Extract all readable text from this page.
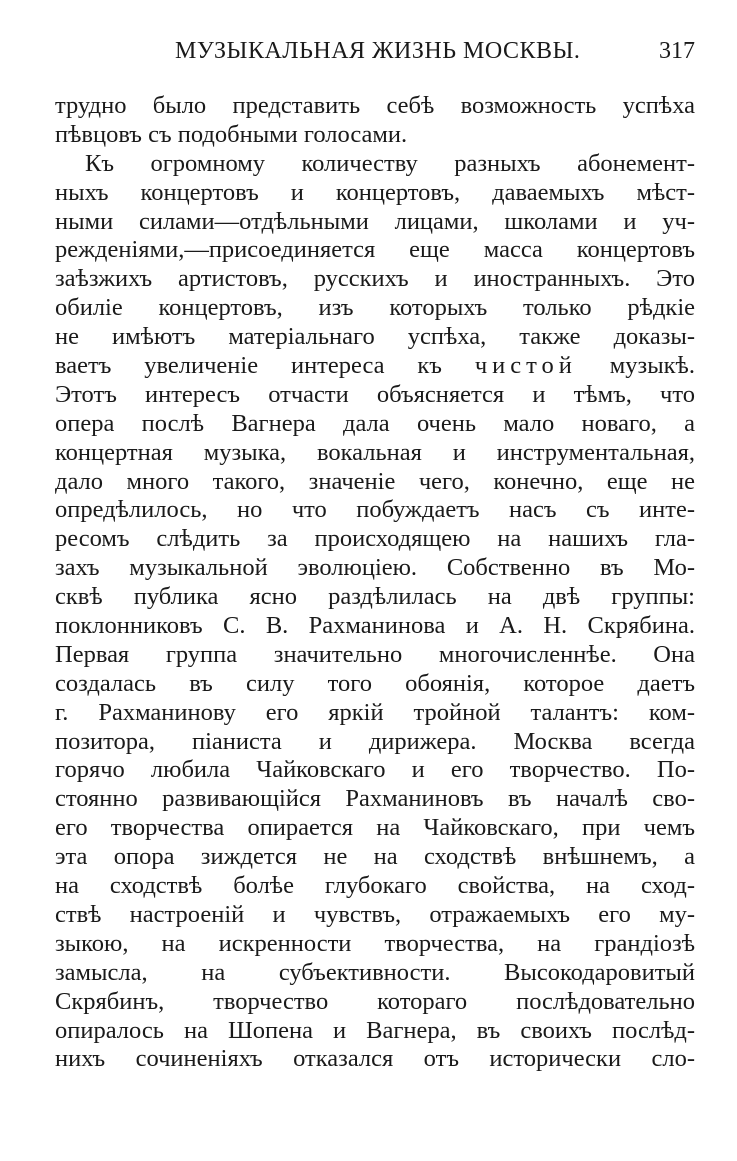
МУЗЫКАЛЬНАЯ ЖИЗНЬ МОСКВЫ.	317
трудно было представить себѣ возможность успѣха
пѣвцовъ съ подобными голосами.
Къ огромному количеству разныхъ абонемент-
ныхъ концертовъ и концертовъ, даваемыхъ мѣст-
ными силами—отдѣльными лицами, школами и уч-
режденіями,—присоединяется еще масса концертовъ
заѣзжихъ артистовъ, русскихъ и иностранныхъ. Это
обиліе концертовъ, изъ которыхъ только рѣдкіе
не имѣютъ матеріальнаго успѣха, также доказы-
ваетъ увеличеніе интереса къ чистой музыкѣ.
Этотъ интересъ отчасти объясняется и тѣмъ, что
опера послѣ Вагнера дала очень мало новаго, а
концертная музыка, вокальная и инструментальная,
дало много такого, значеніе чего, конечно, еще не
опредѣлилось, но что побуждаетъ насъ съ инте-
ресомъ слѣдить за происходящею на нашихъ гла-
захъ музыкальной эволюціею. Собственно въ Мо-
сквѣ публика ясно раздѣлилась на двѣ группы:
поклонниковъ С. В. Рахманинова и А. Н. Скрябина.
Первая группа значительно многочисленнѣе. Она
создалась въ силу того обоянія, которое даетъ
г. Рахманинову его яркій тройной талантъ: ком-
позитора, піаниста и дирижера. Москва всегда
горячо любила Чайковскаго и его творчество. По-
стоянно развивающійся Рахманиновъ въ началѣ сво-
его творчества опирается на Чайковскаго, при чемъ
эта опора зиждется не на сходствѣ внѣшнемъ, а
на сходствѣ болѣе глубокаго свойства, на сход-
ствѣ настроеній и чувствъ, отражаемыхъ его му-
зыкою, на искренности творчества, на грандіозѣ
замысла, на субъективности. Высокодаровитый
Скрябинъ, творчество котораго послѣдовательно
опиралось на Шопена и Вагнера, въ своихъ послѣд-
нихъ сочиненіяхъ отказался отъ исторически сло-
